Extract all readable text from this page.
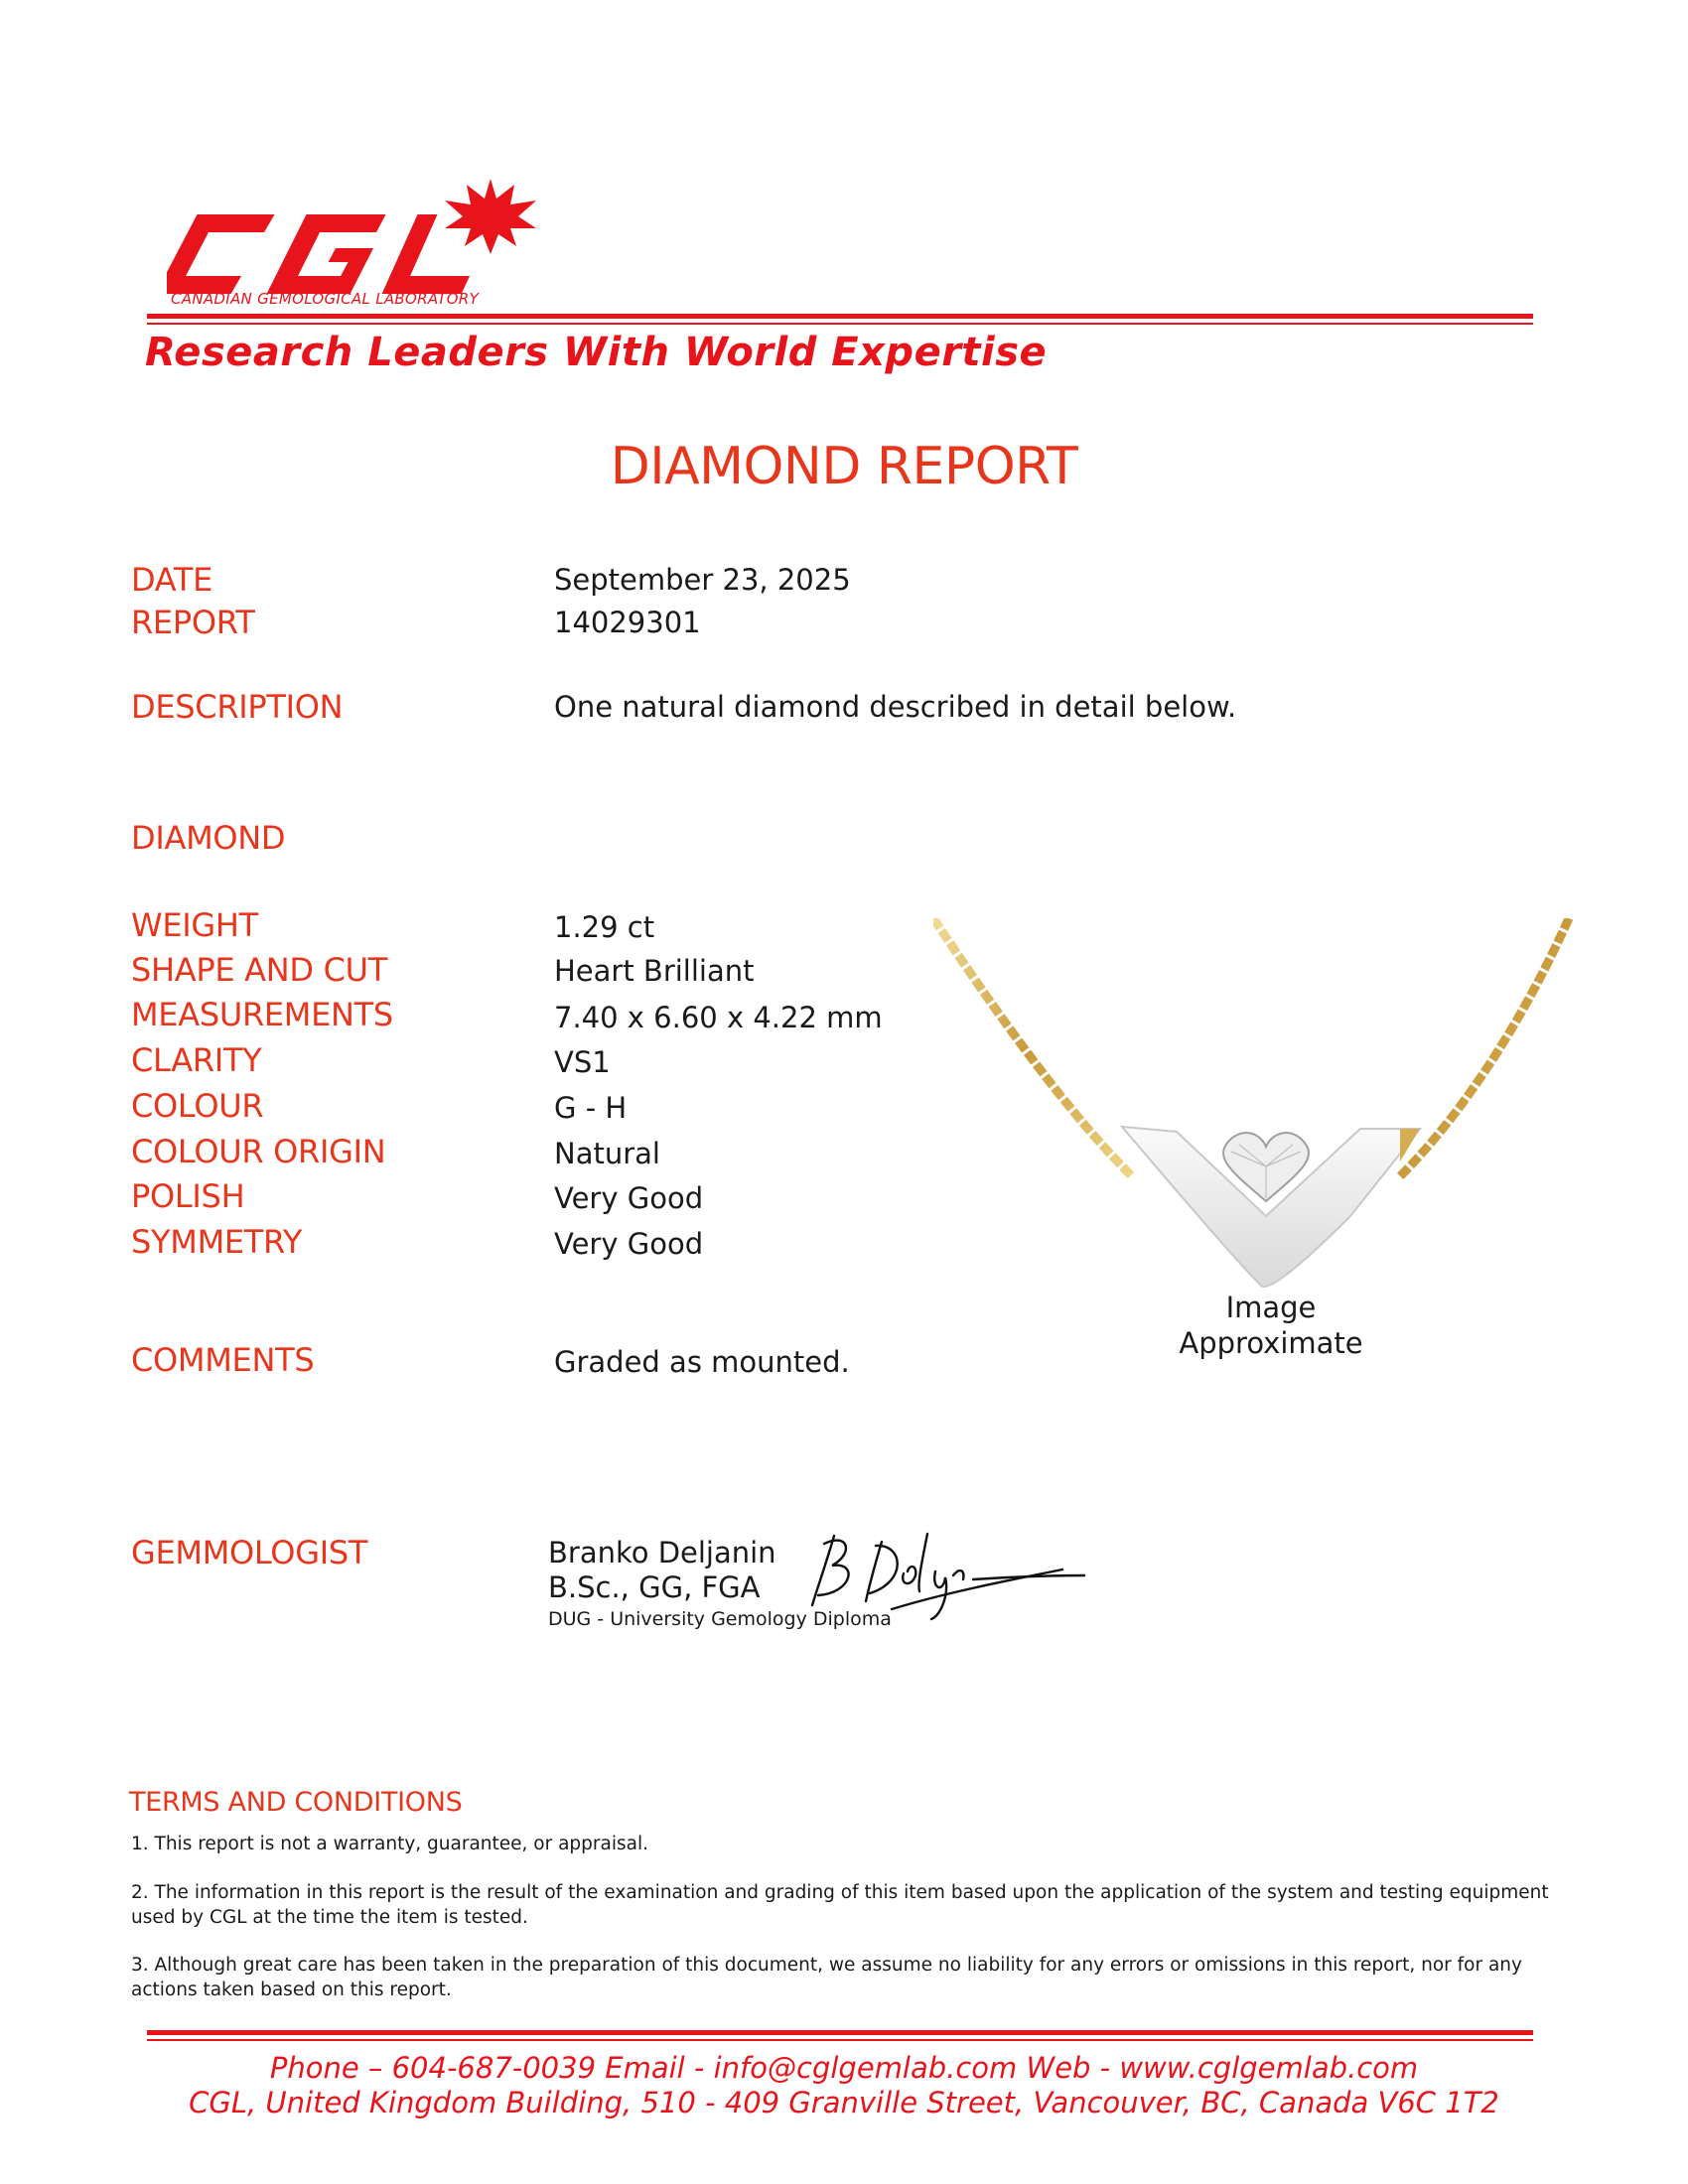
CANADIAN GEMOLOGICAL LABORATORY
Research Leaders With World Expertise
DIAMOND REPORT
DATE	September 23, 2025
REPORT	14029301
DESCRIPTION	One natural diamond described in detail below.
DIAMOND
WEIGHT	1.29 ct
SHAPE AND CUT	Heart Brilliant
MEASUREMENTS	7.40 x 6.60 x 4.22 mm
CLARITY	VS1
COLOUR	G - H
COLOUR ORIGIN	Natural
POLISH	Very Good
SYMMETRY	Very Good
COMMENTS	Graded as mounted.
Image
Approximate
GEMMOLOGIST	Branko Deljanin
B.Sc., GG, FGA
DUG - University Gemology Diploma
TERMS AND CONDITIONS
1. This report is not a warranty, guarantee, or appraisal.
2. The information in this report is the result of the examination and grading of this item based upon the application of the system and testing equipment used by CGL at the time the item is tested.
3. Although great care has been taken in the preparation of this document, we assume no liability for any errors or omissions in this report, nor for any actions taken based on this report.
Phone – 604-687-0039 Email - info@cglgemlab.com Web - www.cglgemlab.com
CGL, United Kingdom Building, 510 - 409 Granville Street, Vancouver, BC, Canada V6C 1T2
